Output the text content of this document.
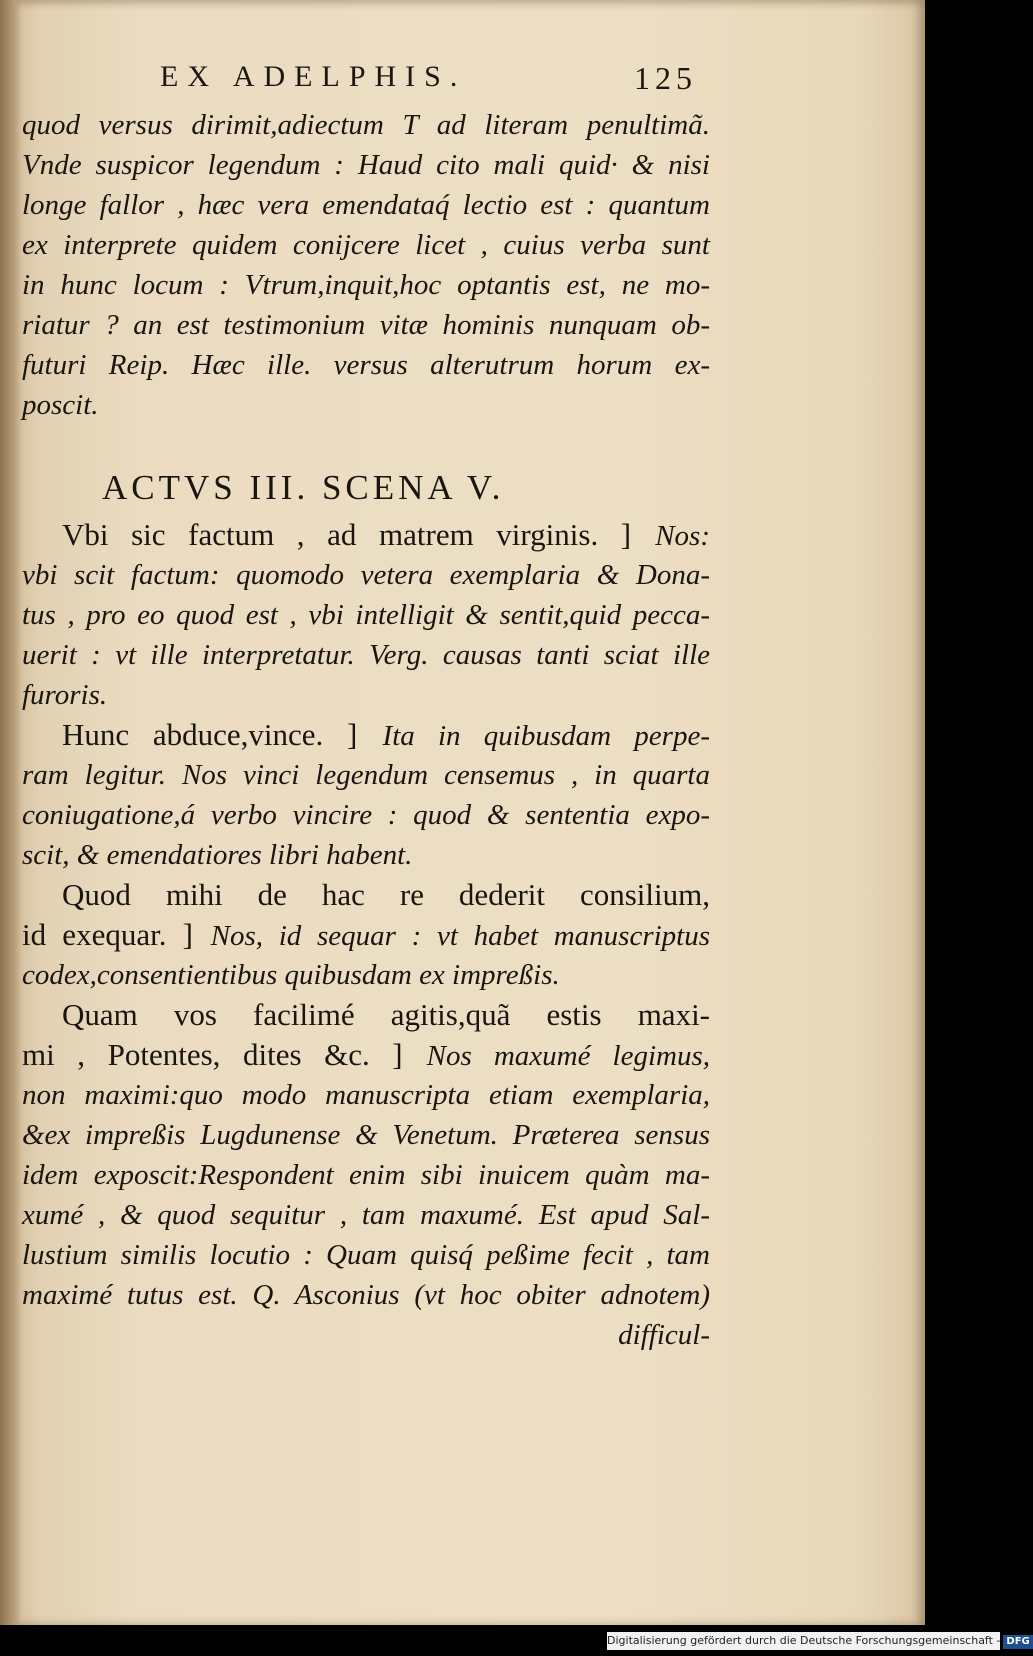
EX ADELPHIS.	125
quod versus dirimit,adiectum T ad literam penultimã.
Vnde suspicor legendum : Haud cito mali quid· & nisi
longe fallor , hæc vera emendataq́ lectio est : quantum
ex interprete quidem conijcere licet , cuius verba sunt
in hunc locum : Vtrum,inquit,hoc optantis est, ne mo-
riatur ? an est testimonium vitæ hominis nunquam ob-
futuri Reip. Hæc ille. versus alterutrum horum ex-
poscit.
ACTVS III. SCENA V.
Vbi sic factum , ad matrem virginis. ] Nos:
vbi scit factum: quomodo vetera exemplaria & Dona-
tus , pro eo quod est , vbi intelligit & sentit,quid pecca-
uerit : vt ille interpretatur. Verg. causas tanti sciat ille
furoris.
Hunc abduce,vince. ] Ita in quibusdam perpe-
ram legitur. Nos vinci legendum censemus , in quarta
coniugatione,á verbo vincire : quod & sententia expo-
scit, & emendatiores libri habent.
Quod mihi de hac re dederit consilium,
id exequar. ] Nos, id sequar : vt habet manuscriptus
codex,consentientibus quibusdam ex impreßis.
Quam vos facilimé agitis,quã estis maxi-
mi , Potentes, dites &c. ] Nos maxumé legimus,
non maximi:quo modo manuscripta etiam exemplaria,
&ex impreßis Lugdunense & Venetum. Præterea sensus
idem exposcit:Respondent enim sibi inuicem quàm ma-
xumé , & quod sequitur , tam maxumé. Est apud Sal-
lustium similis locutio : Quam quisq́ peßime fecit , tam
maximé tutus est. Q. Asconius (vt hoc obiter adnotem)
difficul-
Digitalisierung gefördert durch die Deutsche Forschungsgemeinschaft - DFG
